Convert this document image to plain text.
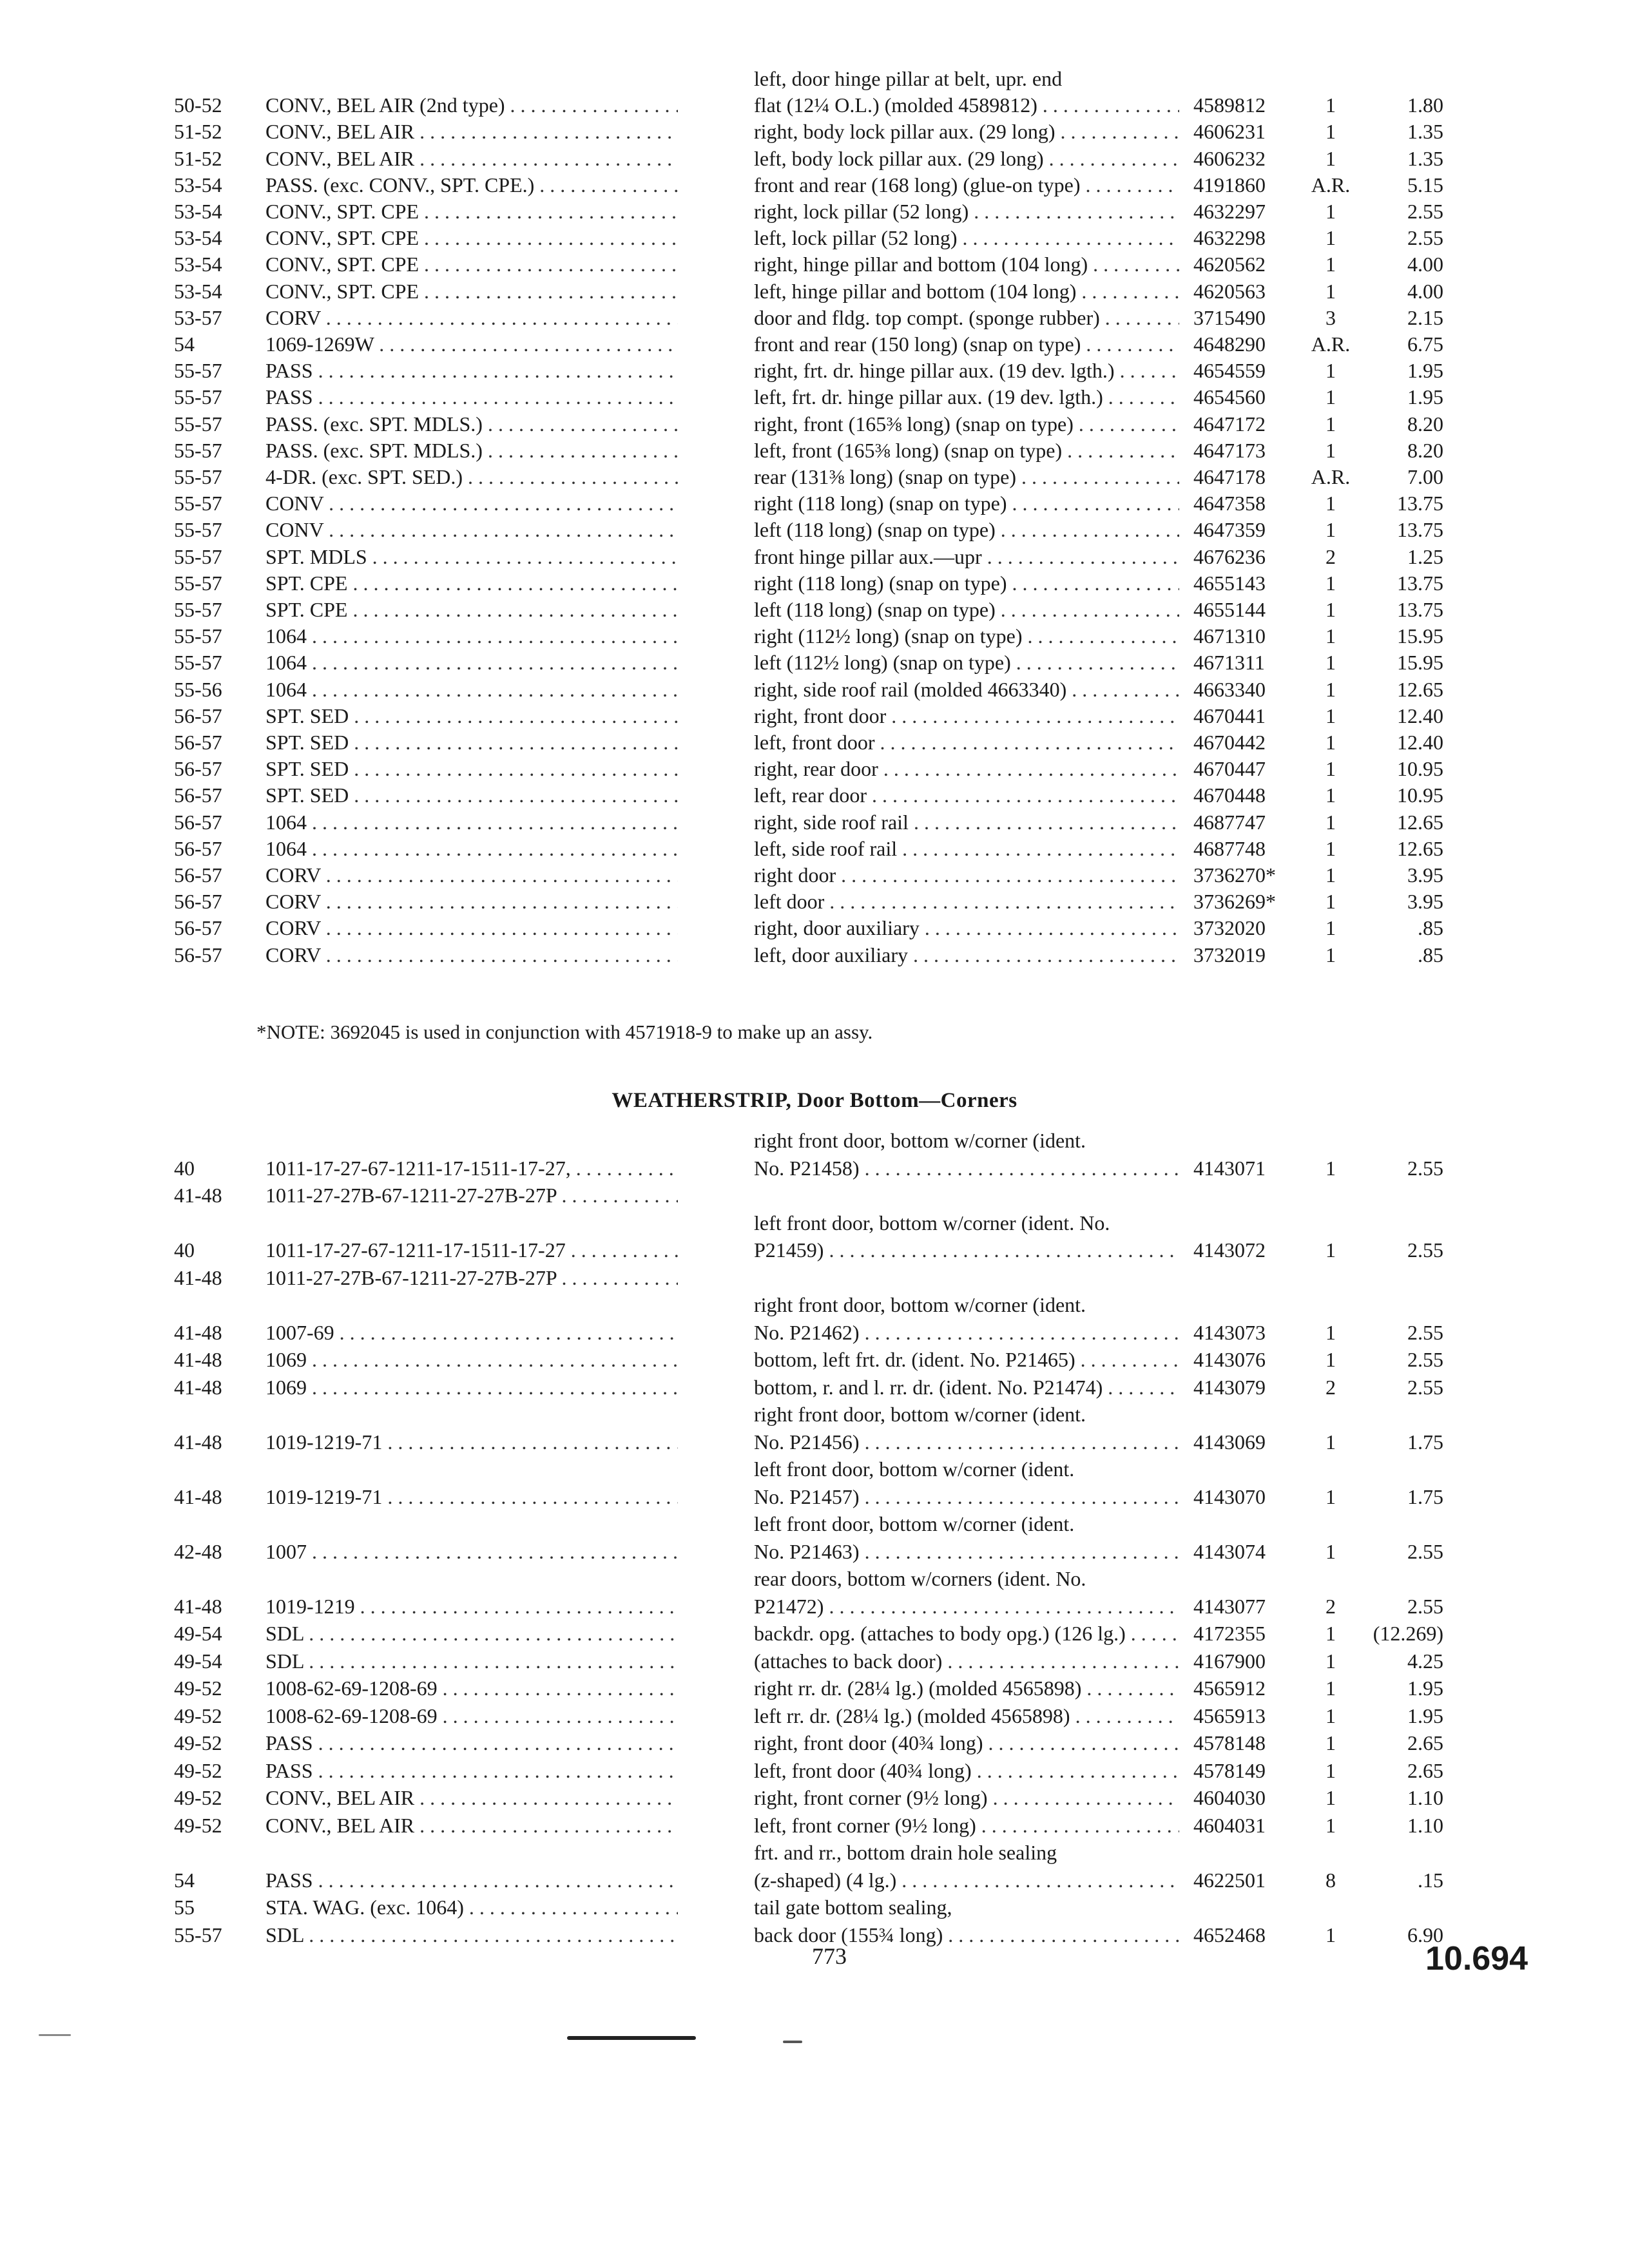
left, door hinge pillar at belt, upr. end
50-52	CONV., BEL AIR (2nd type) . . .	flat (12¼ O.L.) (molded 4589812) . . .	4589812	1	1.80
51-52	CONV., BEL AIR . . .	right, body lock pillar aux. (29 long) . . .	4606231	1	1.35
51-52	CONV., BEL AIR . . .	left, body lock pillar aux. (29 long) . . .	4606232	1	1.35
53-54	PASS. (exc. CONV., SPT. CPE.) . . .	front and rear (168 long) (glue-on type) . . .	4191860	A.R.	5.15
53-54	CONV., SPT. CPE . . .	right, lock pillar (52 long) . . .	4632297	1	2.55
53-54	CONV., SPT. CPE . . .	left, lock pillar (52 long) . . .	4632298	1	2.55
53-54	CONV., SPT. CPE . . .	right, hinge pillar and bottom (104 long) . . .	4620562	1	4.00
53-54	CONV., SPT. CPE . . .	left, hinge pillar and bottom (104 long) . . .	4620563	1	4.00
53-57	CORV . . .	door and fldg. top compt. (sponge rubber) . . .	3715490	3	2.15
54	1069-1269W . . .	front and rear (150 long) (snap on type) . . .	4648290	A.R.	6.75
55-57	PASS . . .	right, frt. dr. hinge pillar aux. (19 dev. lgth.) . . .	4654559	1	1.95
55-57	PASS . . .	left, frt. dr. hinge pillar aux. (19 dev. lgth.) . . .	4654560	1	1.95
55-57	PASS. (exc. SPT. MDLS.) . . .	right, front (165⅜ long) (snap on type) . . .	4647172	1	8.20
55-57	PASS. (exc. SPT. MDLS.) . . .	left, front (165⅜ long) (snap on type) . . .	4647173	1	8.20
55-57	4-DR. (exc. SPT. SED.) . . .	rear (131⅜ long) (snap on type) . . .	4647178	A.R.	7.00
55-57	CONV . . .	right (118 long) (snap on type) . . .	4647358	1	13.75
55-57	CONV . . .	left (118 long) (snap on type) . . .	4647359	1	13.75
55-57	SPT. MDLS . . .	front hinge pillar aux.—upr . . .	4676236	2	1.25
55-57	SPT. CPE . . .	right (118 long) (snap on type) . . .	4655143	1	13.75
55-57	SPT. CPE . . .	left (118 long) (snap on type) . . .	4655144	1	13.75
55-57	1064 . . .	right (112½ long) (snap on type) . . .	4671310	1	15.95
55-57	1064 . . .	left (112½ long) (snap on type) . . .	4671311	1	15.95
55-56	1064 . . .	right, side roof rail (molded 4663340) . . .	4663340	1	12.65
56-57	SPT. SED . . .	right, front door . . .	4670441	1	12.40
56-57	SPT. SED . . .	left, front door . . .	4670442	1	12.40
56-57	SPT. SED . . .	right, rear door . . .	4670447	1	10.95
56-57	SPT. SED . . .	left, rear door . . .	4670448	1	10.95
56-57	1064 . . .	right, side roof rail . . .	4687747	1	12.65
56-57	1064 . . .	left, side roof rail . . .	4687748	1	12.65
56-57	CORV . . .	right door . . .	3736270*	1	3.95
56-57	CORV . . .	left door . . .	3736269*	1	3.95
56-57	CORV . . .	right, door auxiliary . . .	3732020	1	.85
56-57	CORV . . .	left, door auxiliary . . .	3732019	1	.85
*NOTE: 3692045 is used in conjunction with 4571918-9 to make up an assy.
WEATHERSTRIP, Door Bottom—Corners
right front door, bottom w/corner (ident.
40	1011-17-27-67-1211-17-1511-17-27, . . .	No. P21458) . . .	4143071	1	2.55
41-48	1011-27-27B-67-1211-27-27B-27P . . .
left front door, bottom w/corner (ident. No.
40	1011-17-27-67-1211-17-1511-17-27 . . .	P21459) . . .	4143072	1	2.55
41-48	1011-27-27B-67-1211-27-27B-27P . . .
right front door, bottom w/corner (ident.
41-48	1007-69 . . .	No. P21462) . . .	4143073	1	2.55
41-48	1069 . . .	bottom, left frt. dr. (ident. No. P21465) . . .	4143076	1	2.55
41-48	1069 . . .	bottom, r. and l. rr. dr. (ident. No. P21474) . . .	4143079	2	2.55
right front door, bottom w/corner (ident.
41-48	1019-1219-71 . . .	No. P21456) . . .	4143069	1	1.75
left front door, bottom w/corner (ident.
41-48	1019-1219-71 . . .	No. P21457) . . .	4143070	1	1.75
left front door, bottom w/corner (ident.
42-48	1007 . . .	No. P21463) . . .	4143074	1	2.55
rear doors, bottom w/corners (ident. No.
41-48	1019-1219 . . .	P21472) . . .	4143077	2	2.55
49-54	SDL . . .	backdr. opg. (attaches to body opg.) (126 lg.) . . .	4172355	1	(12.269)
49-54	SDL . . .	(attaches to back door) . . .	4167900	1	4.25
49-52	1008-62-69-1208-69 . . .	right rr. dr. (28¼ lg.) (molded 4565898) . . .	4565912	1	1.95
49-52	1008-62-69-1208-69 . . .	left rr. dr. (28¼ lg.) (molded 4565898) . . .	4565913	1	1.95
49-52	PASS . . .	right, front door (40¾ long) . . .	4578148	1	2.65
49-52	PASS . . .	left, front door (40¾ long) . . .	4578149	1	2.65
49-52	CONV., BEL AIR . . .	right, front corner (9½ long) . . .	4604030	1	1.10
49-52	CONV., BEL AIR . . .	left, front corner (9½ long) . . .	4604031	1	1.10
frt. and rr., bottom drain hole sealing
54	PASS . . .	(z-shaped) (4 lg.) . . .	4622501	8	.15
55	STA. WAG. (exc. 1064) . . .	tail gate bottom sealing,
55-57	SDL . . .	back door (155¾ long) . . .	4652468	1	6.90
773	10.694
